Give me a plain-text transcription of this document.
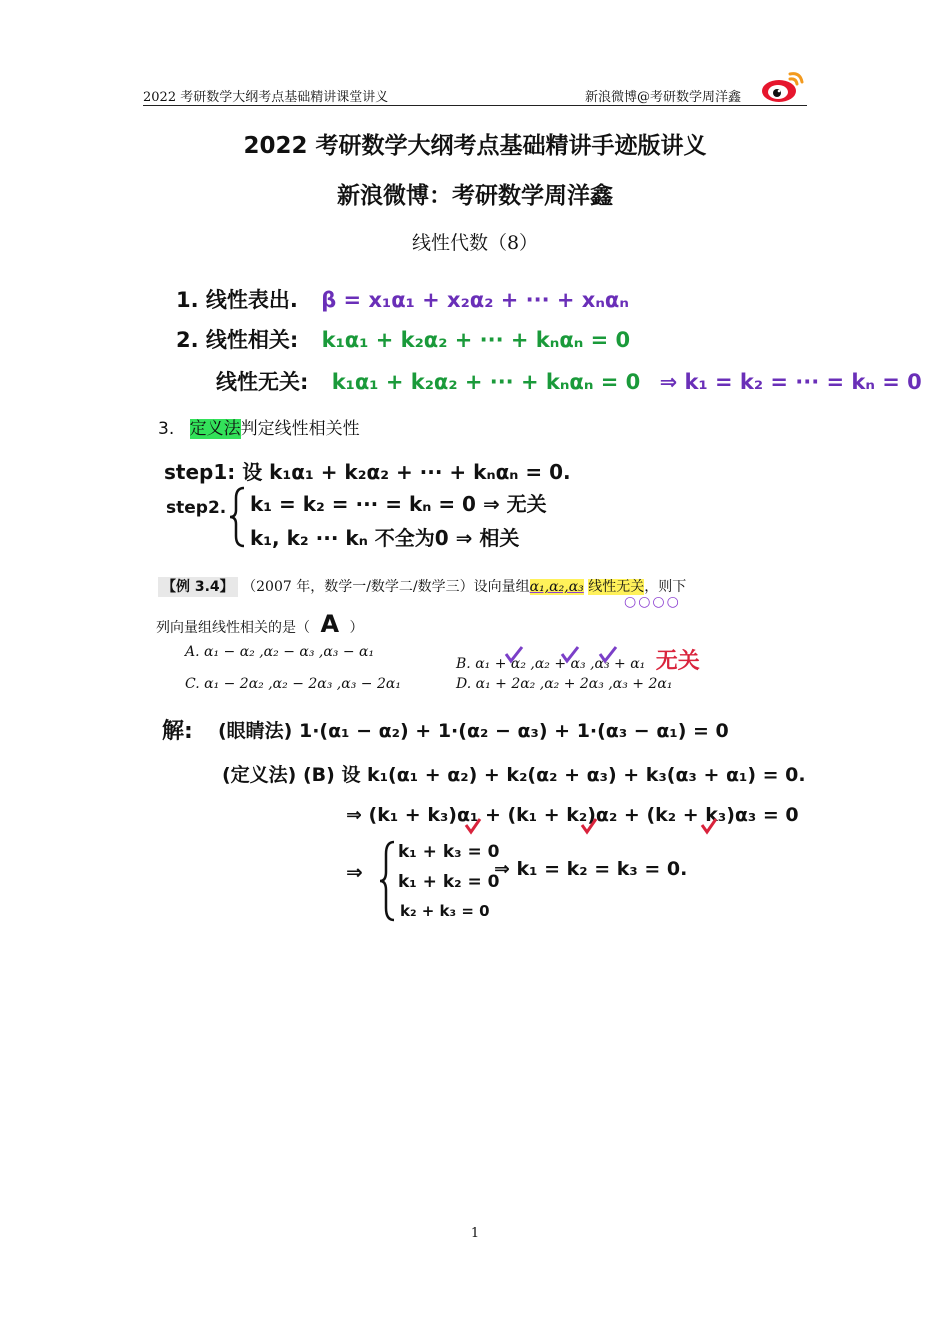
2022 考研数学大纲考点基础精讲课堂讲义	新浪微博@考研数学周洋鑫
2022 考研数学大纲考点基础精讲手迹版讲义
新浪微博：考研数学周洋鑫
线性代数（8）
1. 线性表出. β = x₁α₁ + x₂α₂ + ··· + xₙαₙ
2. 线性相关: k₁α₁ + k₂α₂ + ··· + kₙαₙ = 0
线性无关: k₁α₁ + k₂α₂ + ··· + kₙαₙ = 0 ⇒ k₁ = k₂ = ··· = kₙ = 0
3. 定义法判定线性相关性
step1: 设 k₁α₁ + k₂α₂ + ··· + kₙαₙ = 0.
step2. k₁ = k₂ = ··· = kₙ = 0 ⇒ 无关
k₁, k₂ ··· kₙ 不全为0 ⇒ 相关
【例 3.4】 （2007 年，数学一/数学二/数学三）设向量组α₁,α₂,α₃ 线性无关，则下
○○○○
列向量组线性相关的是（ A ）
A. α₁ − α₂ ,α₂ − α₃ ,α₃ − α₁
B. α₁ + α₂ ,α₂ + α₃ ,α₃ + α₁ 无关
C. α₁ − 2α₂ ,α₂ − 2α₃ ,α₃ − 2α₁	D. α₁ + 2α₂ ,α₂ + 2α₃ ,α₃ + 2α₁
解: (眼睛法) 1·(α₁ − α₂) + 1·(α₂ − α₃) + 1·(α₃ − α₁) = 0
(定义法) (B) 设 k₁(α₁ + α₂) + k₂(α₂ + α₃) + k₃(α₃ + α₁) = 0.
⇒ (k₁ + k₃)α₁ + (k₁ + k₂)α₂ + (k₂ + k₃)α₃ = 0
⇒
k₁ + k₃ = 0
k₁ + k₂ = 0
k₂ + k₃ = 0
⇒ k₁ = k₂ = k₃ = 0.
1
